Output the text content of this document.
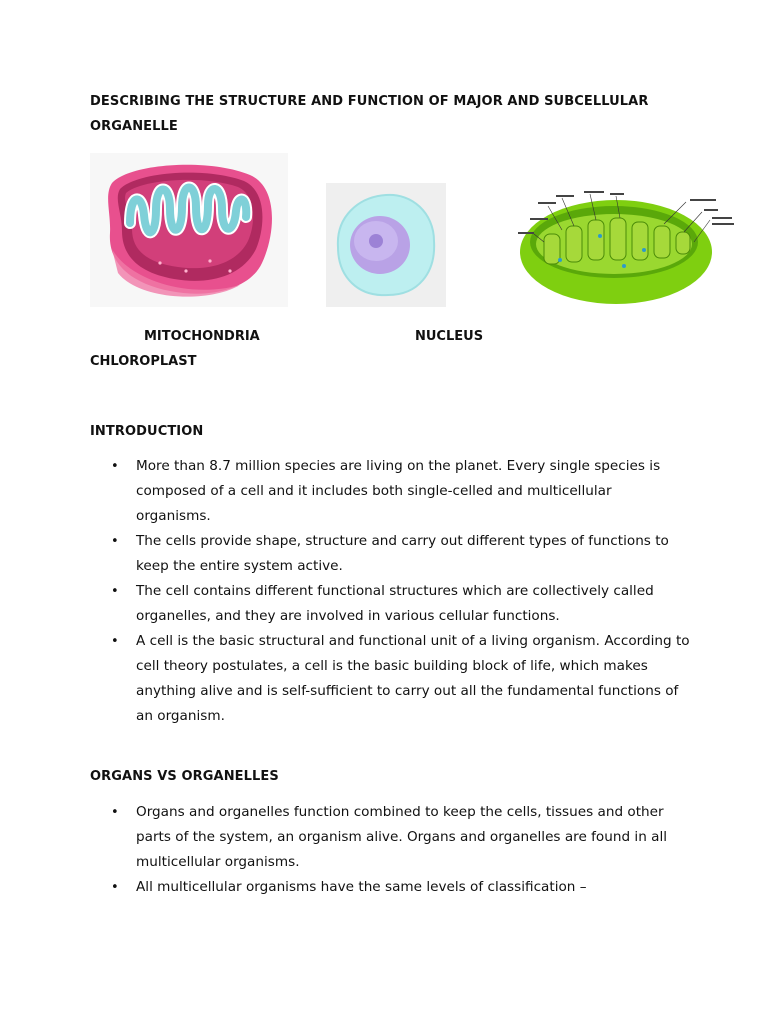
DESCRIBING THE STRUCTURE AND FUNCTION OF MAJOR AND SUBCELLULAR ORGANELLE
MITOCHONDRIA	NUCLEUS
CHLOROPLAST
INTRODUCTION
• More than 8.7 million species are living on the planet. Every single species is composed of a cell and it includes both single-celled and multicellular organisms.
• The cells provide shape, structure and carry out different types of functions to keep the entire system active.
• The cell contains different functional structures which are collectively called organelles, and they are involved in various cellular functions.
• A cell is the basic structural and functional unit of a living organism. According to cell theory postulates, a cell is the basic building block of life, which makes anything alive and is self-sufficient to carry out all the fundamental functions of an organism.
ORGANS VS ORGANELLES
• Organs and organelles function combined to keep the cells, tissues and other parts of the system, an organism alive. Organs and organelles are found in all multicellular organisms.
• All multicellular organisms have the same levels of classification –
